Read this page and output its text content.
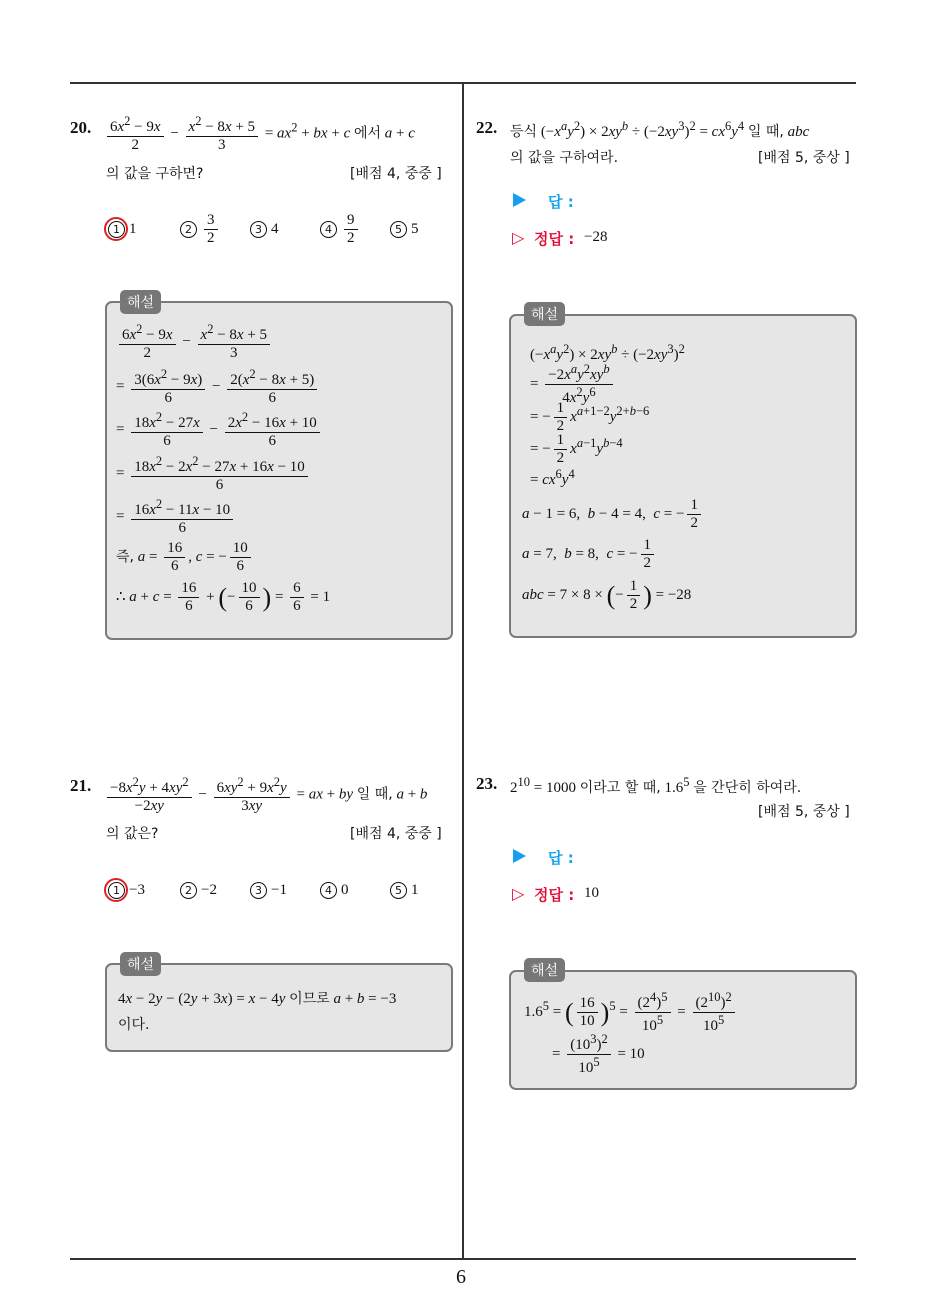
6
20. $\frac{6x^2 - 9x}{2} - \frac{x^2 - 8x + 5}{3} = ax^2$ + bx + c 에서 a + c
의 값을 구하면?	[배점 4, 중중 ]
1 1	$2 \frac{3}{2}$	3 4	$4 \frac{9}{2}$	5 5
해설
$\frac{6x^2 - 9x}{2} - \frac{x^2 - 8x + 5}{3}$
= $\frac{3(6x^2 - 9x)}{6} - \frac{2(x^2 - 8x + 5)}{6}$
= $\frac{18x^2 - 27x}{6} - \frac{2x^2 - 16x + 10}{6}$
= $\frac{18x^2 - 2x^2 - 27x + 16x - 10}{6}$
= $\frac{16x^2 - 11x - 10}{6}$
즉, $a = \frac{16}{6}$ , c = − $\frac{10}{6}$
∴ $a + c = \frac{16}{6}$ + (− $\frac{10}{6}$ ) = $\frac{6}{6} = 1$
21. $\frac{-8x^2y + 4xy^2}{-2xy} - \frac{6xy^2 + 9x^2y}{3xy}$ = ax + by 일 때, a + b
의 값은?	[배점 4, 중중 ]
1 −3	2 −2	3 −1	4 0	5 1
해설
4x − 2y − (2y + 3x) = x − 4y 이므로 a + b = −3
이다.
22. 등식 $(-x^ay^2) \times 2xy^b \div (-2xy^3)^2 = cx^6y^4$ 일 때, abc
의 값을 구하여라.	[배점 5, 중상 ]
답 :
▷ 정답 : −28
해설
$(-x^ay^2) \times 2xy^b \div (-2xy^3)^2$
= $\frac{-2x^ay^2xy^b}{4x^2y^6}$
= − $\frac{1}{2} x^{a+1-2}y^{2+b-6}$
= − $\frac{1}{2} x^{a-1}y^{b-4}$
= $cx^6y^4$
a − 1 = 6,  b − 4 = 4,  c = − $\frac{1}{2}$
a = 7,  b = 8,  c = − $\frac{1}{2}$
abc = 7 × 8 × (− $\frac{1}{2}$ ) = −28
23. $2^{10} = 1000$ 이라고 할 때, $1.6^5$ 을 간단히 하여라.
[배점 5, 중상 ]
답 :
▷ 정답 : 10
해설
$1.6^5$ = ( $\frac{16}{10} )^5 = \frac{(2^4)^5}{10^5} = \frac{(2^{10})^2}{10^5}$
= $\frac{(10^3)^2}{10^5} = 10$
